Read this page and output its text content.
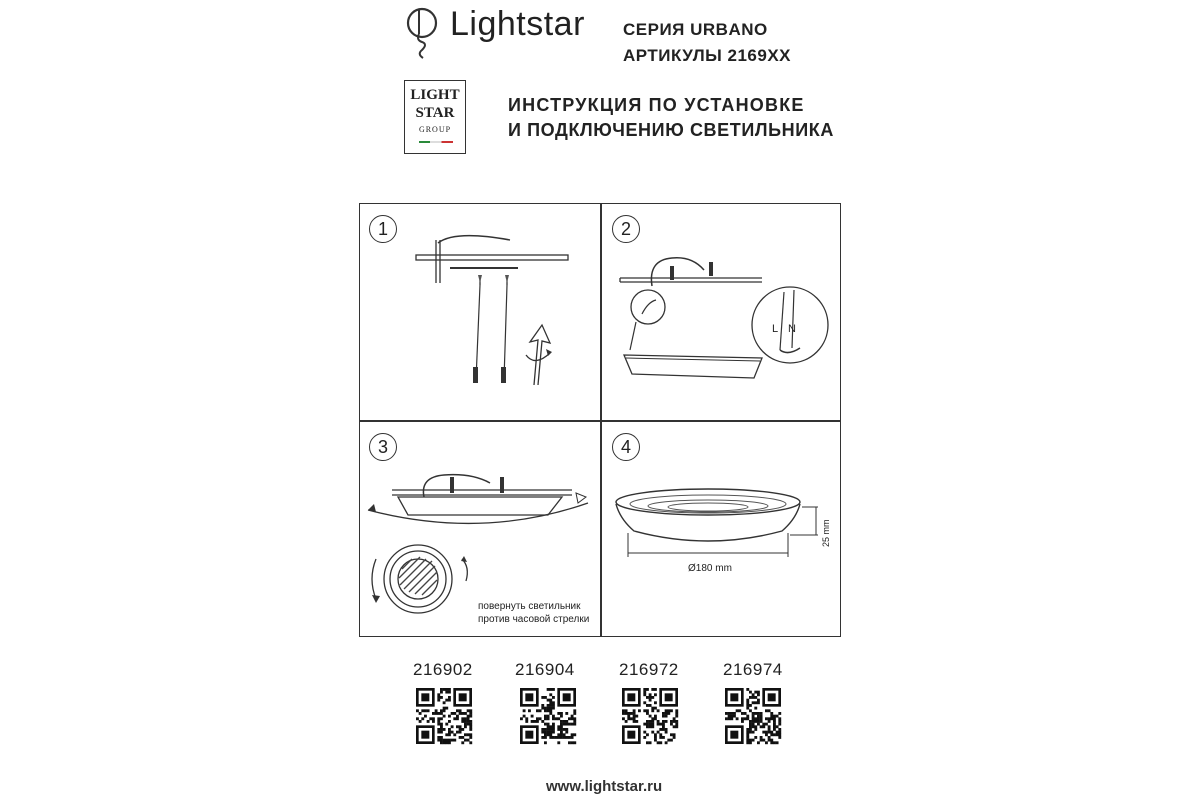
Lightstar СЕРИЯ URBANO
АРТИКУЛЫ 2169XX
LIGHT
STAR
GROUP
ИНСТРУКЦИЯ ПО УСТАНОВКЕ
И ПОДКЛЮЧЕНИЮ СВЕТИЛЬНИКА
1	2
L N
3
повернуть светильник
против часовой стрелки
4
Ø180 mm
25 mm
216902 216904	216972	216974
www.lightstar.ru
